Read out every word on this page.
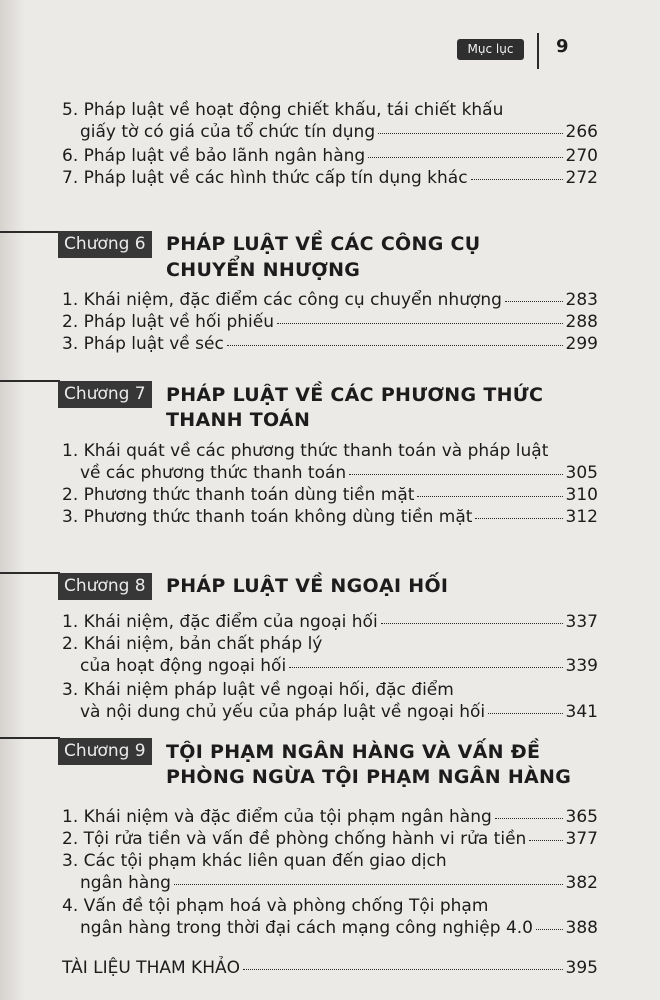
Mục lục	9
5. Pháp luật về hoạt động chiết khấu, tái chiết khấu
giấy tờ có giá của tổ chức tín dụng	266
6. Pháp luật về bảo lãnh ngân hàng	270
7. Pháp luật về các hình thức cấp tín dụng khác	272
Chương 6	PHÁP LUẬT VỀ CÁC CÔNG CỤ
CHUYỂN NHƯỢNG
1. Khái niệm, đặc điểm các công cụ chuyển nhượng	283
2. Pháp luật về hối phiếu	288
3. Pháp luật về séc	299
Chương 7	PHÁP LUẬT VỀ CÁC PHƯƠNG THỨC
THANH TOÁN
1. Khái quát về các phương thức thanh toán và pháp luật
về các phương thức thanh toán	305
2. Phương thức thanh toán dùng tiền mặt	310
3. Phương thức thanh toán không dùng tiền mặt	312
Chương 8	PHÁP LUẬT VỀ NGOẠI HỐI
1. Khái niệm, đặc điểm của ngoại hối	337
2. Khái niệm, bản chất pháp lý
của hoạt động ngoại hối	339
3. Khái niệm pháp luật về ngoại hối, đặc điểm
và nội dung chủ yếu của pháp luật về ngoại hối	341
Chương 9	TỘI PHẠM NGÂN HÀNG VÀ VẤN ĐỀ
PHÒNG NGỪA TỘI PHẠM NGÂN HÀNG
1. Khái niệm và đặc điểm của tội phạm ngân hàng	365
2. Tội rửa tiền và vấn đề phòng chống hành vi rửa tiền 377
3. Các tội phạm khác liên quan đến giao dịch
ngân hàng	382
4. Vấn đề tội phạm hoá và phòng chống Tội phạm
ngân hàng trong thời đại cách mạng công nghiệp 4.0 388
TÀI LIỆU THAM KHẢO	395
